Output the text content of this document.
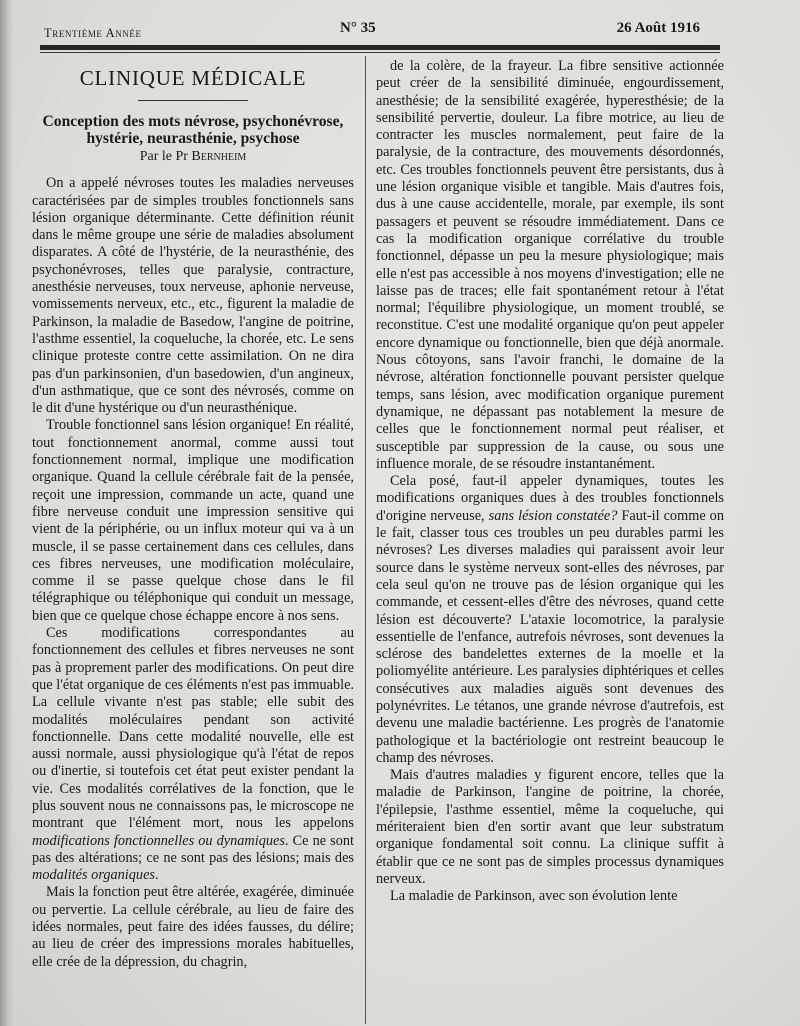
Trentième Année	N° 35	26 Août 1916
CLINIQUE MÉDICALE
Conception des mots névrose, psychonévrose,
hystérie, neurasthénie, psychose
Par le Pr Bernheim

On a appelé névroses toutes les maladies nerveuses caractérisées par de simples troubles fonctionnels sans lésion organique déterminante. Cette définition réunit dans le même groupe une série de maladies absolument disparates. A côté de l'hystérie, de la neurasthénie, des psychonévroses, telles que paralysie, contracture, anesthésie nerveuses, toux nerveuse, aphonie nerveuse, vomissements nerveux, etc., etc., figurent la maladie de Parkinson, la maladie de Basedow, l'angine de poitrine, l'asthme essentiel, la coqueluche, la chorée, etc. Le sens clinique proteste contre cette assimilation. On ne dira pas d'un parkinsonien, d'un basedowien, d'un angineux, d'un asthmatique, que ce sont des névrosés, comme on le dit d'une hystérique ou d'un neurasthénique.

Trouble fonctionnel sans lésion organique! En réalité, tout fonctionnement anormal, comme aussi tout fonctionnement normal, implique une modification organique. Quand la cellule cérébrale fait de la pensée, reçoit une impression, commande un acte, quand une fibre nerveuse conduit une impression sensitive qui vient de la périphérie, ou un influx moteur qui va à un muscle, il se passe certainement dans ces cellules, dans ces fibres nerveuses, une modification moléculaire, comme il se passe quelque chose dans le fil télégraphique ou téléphonique qui conduit un message, bien que ce quelque chose échappe encore à nos sens.

Ces modifications correspondantes au fonctionnement des cellules et fibres nerveuses ne sont pas à proprement parler des modifications. On peut dire que l'état organique de ces éléments n'est pas immuable. La cellule vivante n'est pas stable; elle subit des modalités moléculaires pendant son activité fonctionnelle. Dans cette modalité nouvelle, elle est aussi normale, aussi physiologique qu'à l'état de repos ou d'inertie, si toutefois cet état peut exister pendant la vie. Ces modalités corrélatives de la fonction, que le plus souvent nous ne connaissons pas, le microscope ne montrant que l'élément mort, nous les appelons modifications fonctionnelles ou dynamiques. Ce ne sont pas des altérations; ce ne sont pas des lésions; mais des modalités organiques.

Mais la fonction peut être altérée, exagérée, diminuée ou pervertie. La cellule cérébrale, au lieu de faire des idées normales, peut faire des idées fausses, du délire; au lieu de créer des impressions morales habituelles, elle crée de la dépression, du chagrin,

de la colère, de la frayeur. La fibre sensitive actionnée peut créer de la sensibilité diminuée, engourdissement, anesthésie; de la sensibilité exagérée, hyperesthésie; de la sensibilité pervertie, douleur. La fibre motrice, au lieu de contracter les muscles normalement, peut faire de la paralysie, de la contracture, des mouvements désordonnés, etc. Ces troubles fonctionnels peuvent être persistants, dus à une lésion organique visible et tangible. Mais d'autres fois, dus à une cause accidentelle, morale, par exemple, ils sont passagers et peuvent se résoudre immédiatement. Dans ce cas la modification organique corrélative du trouble fonctionnel, dépasse un peu la mesure physiologique; mais elle n'est pas accessible à nos moyens d'investigation; elle ne laisse pas de traces; elle fait spontanément retour à l'état normal; l'équilibre physiologique, un moment troublé, se reconstitue. C'est une modalité organique qu'on peut appeler encore dynamique ou fonctionnelle, bien que déjà anormale. Nous côtoyons, sans l'avoir franchi, le domaine de la névrose, altération fonctionnelle pouvant persister quelque temps, sans lésion, avec modification organique purement dynamique, ne dépassant pas notablement la mesure de celles que le fonctionnement normal peut réaliser, et susceptible par suppression de la cause, ou sous une influence morale, de se résoudre instantanément.

Cela posé, faut-il appeler dynamiques, toutes les modifications organiques dues à des troubles fonctionnels d'origine nerveuse, sans lésion constatée? Faut-il comme on le fait, classer tous ces troubles un peu durables parmi les névroses? Les diverses maladies qui paraissent avoir leur source dans le système nerveux sont-elles des névroses, par cela seul qu'on ne trouve pas de lésion organique qui les commande, et cessent-elles d'être des névroses, quand cette lésion est découverte? L'ataxie locomotrice, la paralysie essentielle de l'enfance, autrefois névroses, sont devenues la sclérose des bandelettes externes de la moelle et la poliomyélite antérieure. Les paralysies diphtériques et celles consécutives aux maladies aiguës sont devenues des polynévrites. Le tétanos, une grande névrose d'autrefois, est devenu une maladie bactérienne. Les progrès de l'anatomie pathologique et la bactériologie ont restreint beaucoup le champ des névroses.

Mais d'autres maladies y figurent encore, telles que la maladie de Parkinson, l'angine de poitrine, la chorée, l'épilepsie, l'asthme essentiel, même la coqueluche, qui mériteraient bien d'en sortir avant que leur substratum organique fondamental soit connu. La clinique suffit à établir que ce ne sont pas de simples processus dynamiques nerveux.

La maladie de Parkinson, avec son évolution lente
